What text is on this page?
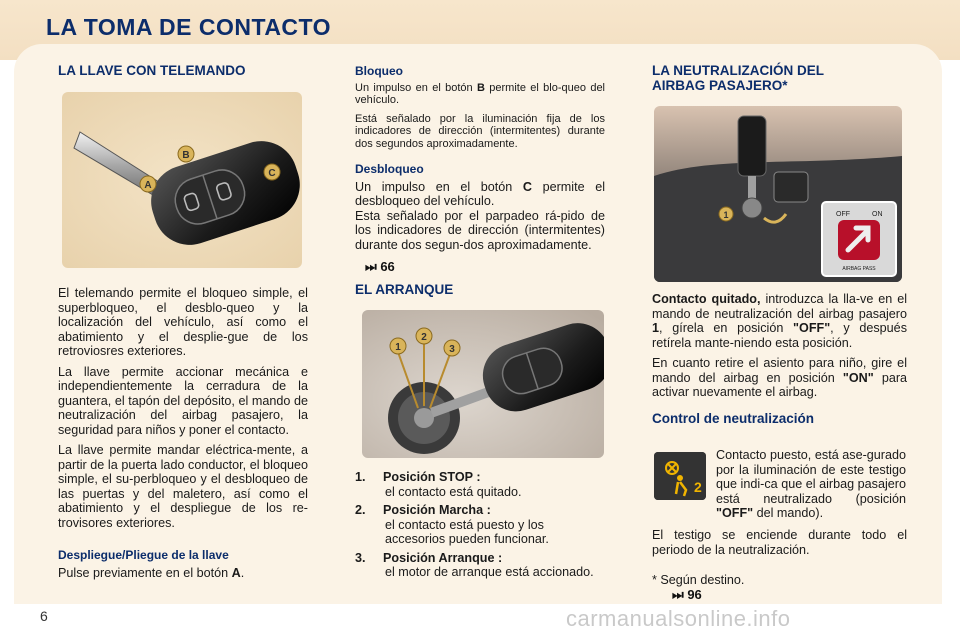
LA TOMA DE CONTACTO
LA LLAVE CON TELEMANDO
A
B
C

El telemando permite el bloqueo simple, el superbloqueo, el desblo-queo y la localización del vehículo, así como el abatimiento y el desplie-gue de los retroviosres exteriores.

La llave permite accionar mecánica e independientemente la cerradura de la guantera, el tapón del depósito, el mando de neutralización del airbag pasajero, la seguridad para niños y poner el contacto.

La llave permite mandar eléctrica-mente, a partir de la puerta lado conductor, el bloqueo simple, el su-perbloqueo y el desbloqueo de las puertas y del maletero, así como el abatimiento y el despliegue de los re-trovisores exteriores.

Despliegue/Pliegue de la llave

Pulse previamente en el botón A.

Bloqueo

Un impulso en el botón B permite el blo-queo del vehículo.

Está señalado por la iluminación fija de los indicadores de dirección (intermitentes) durante dos segundos aproximadamente.

Desbloqueo

Un impulso en el botón C permite el desbloqueo del vehículo.

Esta señalado por el parpadeo rá-pido de los indicadores de dirección (intermitentes) durante dos segun-dos aproximadamente.

⏭ 66
EL ARRANQUE
1
2
3
1. Posición STOP :
el contacto está quitado.
2. Posición Marcha :
el contacto está puesto y los accesorios pueden funcionar.
3. Posición Arranque :
el motor de arranque está accionado.
LA NEUTRALIZACIÓN DEL
AIRBAG PASAJERO*
1	OFF	ON
AIRBAG PASS

Contacto quitado, introduzca la lla-ve en el mando de neutralización del airbag pasajero 1, gírela en posición "OFF", y después retírela mante-niendo esta posición.

En cuanto retire el asiento para niño, gire el mando del airbag en posición "ON" para activar nuevamente el airbag.

Control de neutralización
2

Contacto puesto, está ase-gurado por la iluminación de este testigo que indi-ca que el airbag pasajero está neutralizado (posición "OFF" del mando).

El testigo se enciende durante todo el periodo de la neutralización.

* Según destino.

⏭ 96
6	carmanualsonline.info
